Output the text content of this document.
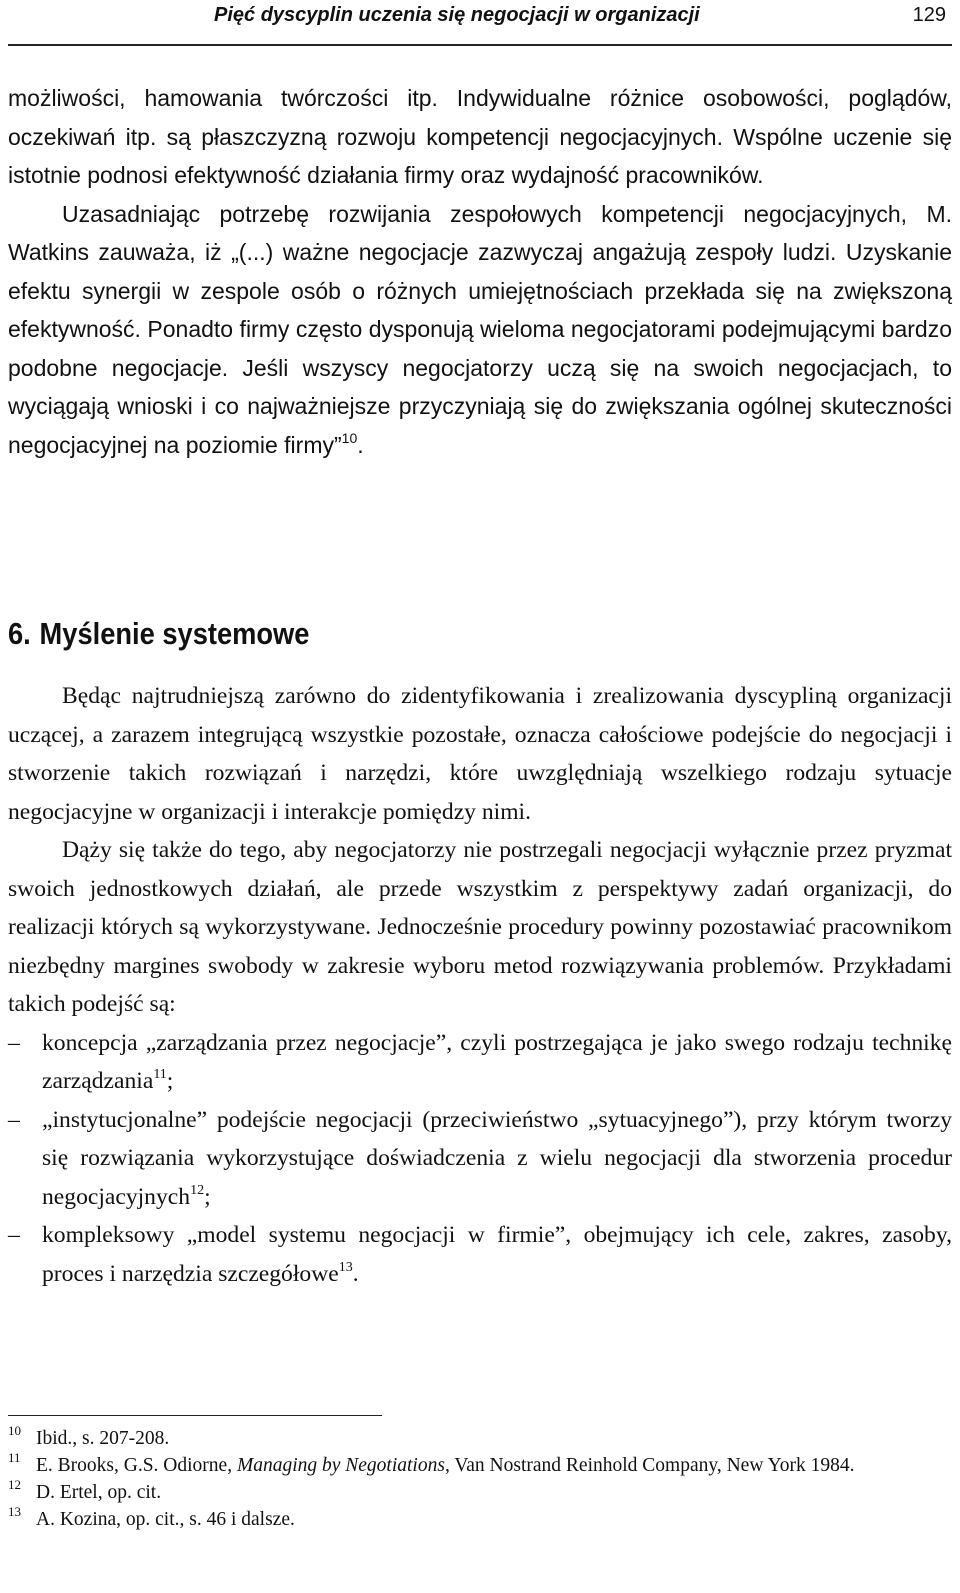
Pięć dyscyplin uczenia się negocjacji w organizacji	129

możliwości, hamowania twórczości itp. Indywidualne różnice osobowości, poglądów, oczekiwań itp. są płaszczyzną rozwoju kompetencji negocjacyjnych. Wspólne uczenie się istotnie podnosi efektywność działania firmy oraz wydajność pracowników.

Uzasadniając potrzebę rozwijania zespołowych kompetencji negocjacyjnych, M. Watkins zauważa, iż „(...) ważne negocjacje zazwyczaj angażują zespoły ludzi. Uzyskanie efektu synergii w zespole osób o różnych umiejętnościach przekłada się na zwiększoną efektywność. Ponadto firmy często dysponują wieloma negocjatorami podejmującymi bardzo podobne negocjacje. Jeśli wszyscy negocjatorzy uczą się na swoich negocjacjach, to wyciągają wnioski i co najważniejsze przyczyniają się do zwiększania ogólnej skuteczności negocjacyjnej na poziomie firmy”$^{10}$.

6. Myślenie systemowe

Będąc najtrudniejszą zarówno do zidentyfikowania i zrealizowania dyscypliną organizacji uczącej, a zarazem integrującą wszystkie pozostałe, oznacza całościowe podejście do negocjacji i stworzenie takich rozwiązań i narzędzi, które uwzględniają wszelkiego rodzaju sytuacje negocjacyjne w organizacji i interakcje pomiędzy nimi.

Dąży się także do tego, aby negocjatorzy nie postrzegali negocjacji wyłącznie przez pryzmat swoich jednostkowych działań, ale przede wszystkim z perspektywy zadań organizacji, do realizacji których są wykorzystywane. Jednocześnie procedury powinny pozostawiać pracownikom niezbędny margines swobody w zakresie wyboru metod rozwiązywania problemów. Przykładami takich podejść są:

– koncepcja „zarządzania przez negocjacje”, czyli postrzegająca je jako swego rodzaju technikę zarządzania$^{11}$;
– „instytucjonalne” podejście negocjacji (przeciwieństwo „sytuacyjnego”), przy którym tworzy się rozwiązania wykorzystujące doświadczenia z wielu negocjacji dla stworzenia procedur negocjacyjnych$^{12}$;
– kompleksowy „model systemu negocjacji w firmie”, obejmujący ich cele, zakres, zasoby, proces i narzędzia szczegółowe$^{13}$.
10 Ibid., s. 207-208.
11 E. Brooks, G.S. Odiorne, Managing by Negotiations, Van Nostrand Reinhold Company, New York 1984.
12 D. Ertel, op. cit.
13 A. Kozina, op. cit., s. 46 i dalsze.
